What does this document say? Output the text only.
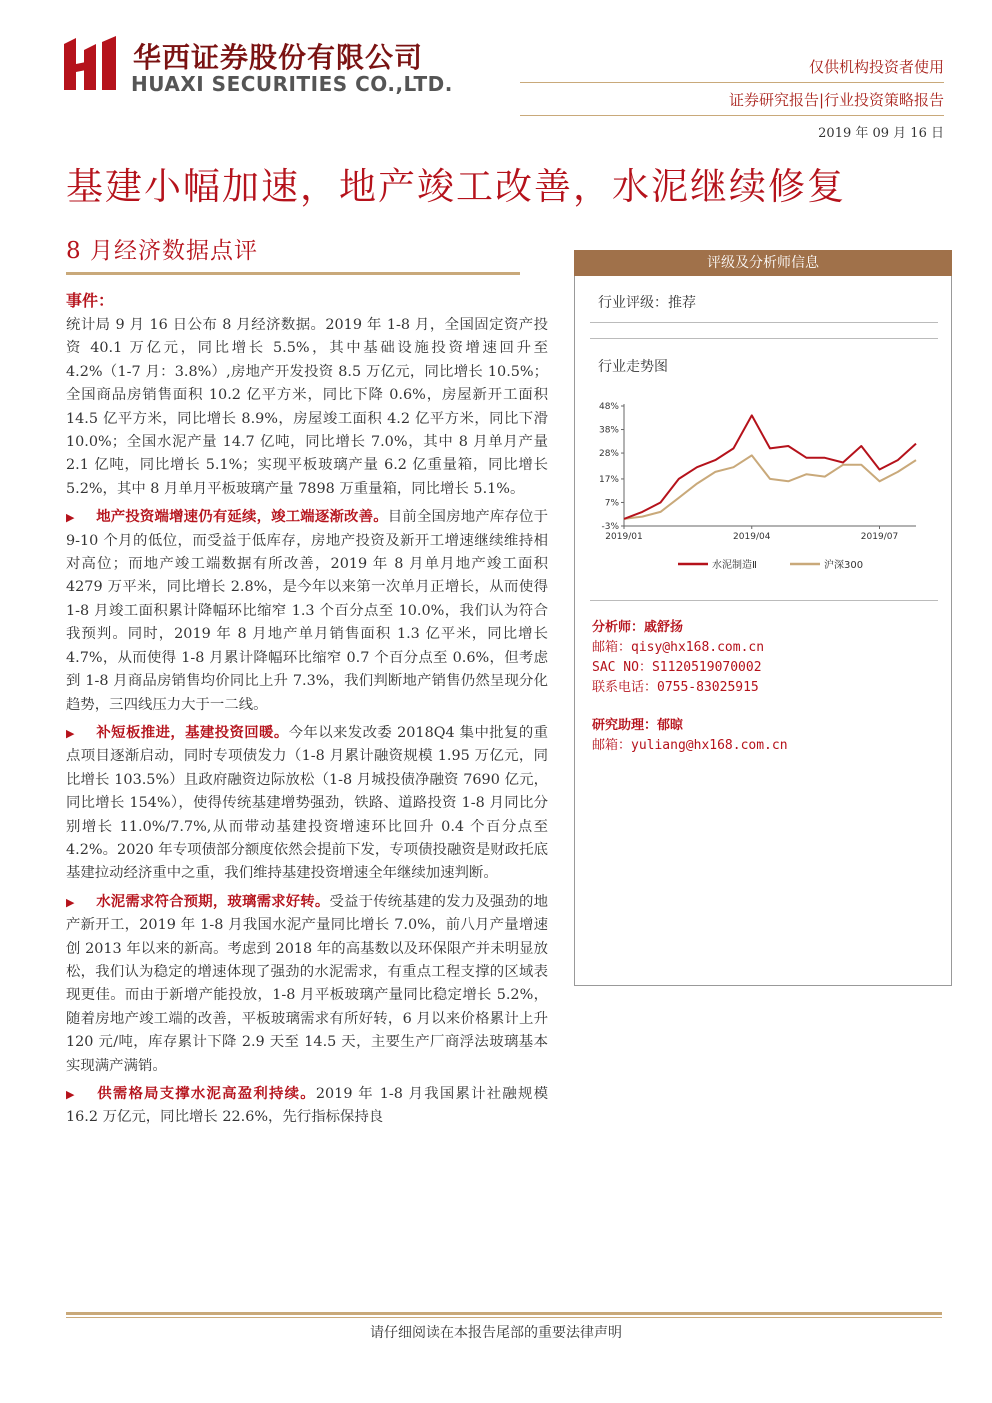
华西证券股份有限公司
HUAXI SECURITIES CO.,LTD.
仅供机构投资者使用
证券研究报告|行业投资策略报告
2019 年 09 月 16 日
基建小幅加速，地产竣工改善，水泥继续修复
8 月经济数据点评
事件：

统计局 9 月 16 日公布 8 月经济数据。2019 年 1-8 月，全国固定资产投资 40.1 万亿元，同比增长 5.5%，其中基础设施投资增速回升至 4.2%（1-7 月：3.8%）,房地产开发投资 8.5 万亿元，同比增长 10.5%；全国商品房销售面积 10.2 亿平方米，同比下降 0.6%，房屋新开工面积 14.5 亿平方米，同比增长 8.9%，房屋竣工面积 4.2 亿平方米，同比下滑 10.0%；全国水泥产量 14.7 亿吨，同比增长 7.0%，其中 8 月单月产量 2.1 亿吨，同比增长 5.1%；实现平板玻璃产量 6.2 亿重量箱，同比增长 5.2%，其中 8 月单月平板玻璃产量 7898 万重量箱，同比增长 5.1%。

▶ 地产投资端增速仍有延续，竣工端逐渐改善。目前全国房地产库存位于 9-10 个月的低位，而受益于低库存，房地产投资及新开工增速继续维持相对高位；而地产竣工端数据有所改善，2019 年 8 月单月地产竣工面积 4279 万平米，同比增长 2.8%，是今年以来第一次单月正增长，从而使得 1-8 月竣工面积累计降幅环比缩窄 1.3 个百分点至 10.0%，我们认为符合我预判。同时，2019 年 8 月地产单月销售面积 1.3 亿平米，同比增长 4.7%，从而使得 1-8 月累计降幅环比缩窄 0.7 个百分点至 0.6%，但考虑到 1-8 月商品房销售均价同比上升 7.3%，我们判断地产销售仍然呈现分化趋势，三四线压力大于一二线。

▶ 补短板推进，基建投资回暖。今年以来发改委 2018Q4 集中批复的重点项目逐渐启动，同时专项债发力（1-8 月累计融资规模 1.95 万亿元，同比增长 103.5%）且政府融资边际放松（1-8 月城投债净融资 7690 亿元，同比增长 154%），使得传统基建增势强劲，铁路、道路投资 1-8 月同比分别增长 11.0%/7.7%,从而带动基建投资增速环比回升 0.4 个百分点至 4.2%。2020 年专项债部分额度依然会提前下发，专项债投融资是财政托底基建拉动经济重中之重，我们维持基建投资增速全年继续加速判断。

▶ 水泥需求符合预期，玻璃需求好转。受益于传统基建的发力及强劲的地产新开工，2019 年 1-8 月我国水泥产量同比增长 7.0%，前八月产量增速创 2013 年以来的新高。考虑到 2018 年的高基数以及环保限产并未明显放松，我们认为稳定的增速体现了强劲的水泥需求，有重点工程支撑的区域表现更佳。而由于新增产能投放，1-8 月平板玻璃产量同比稳定增长 5.2%，随着房地产竣工端的改善，平板玻璃需求有所好转，6 月以来价格累计上升 120 元/吨，库存累计下降 2.9 天至 14.5 天，主要生产厂商浮法玻璃基本实现满产满销。

▶ 供需格局支撑水泥高盈利持续。2019 年 1-8 月我国累计社融规模 16.2 万亿元，同比增长 22.6%，先行指标保持良

评级及分析师信息
行业评级：推荐
行业走势图
-3%
7%
17%
28%
38%
48%
2019/01	2019/04	2019/07
水泥制造Ⅱ	沪深300
分析师：戚舒扬
邮箱：qisy@hx168.com.cn
SAC NO：S1120519070002
联系电话：0755-83025915
研究助理：郁晾
邮箱：yuliang@hx168.com.cn
请仔细阅读在本报告尾部的重要法律声明
